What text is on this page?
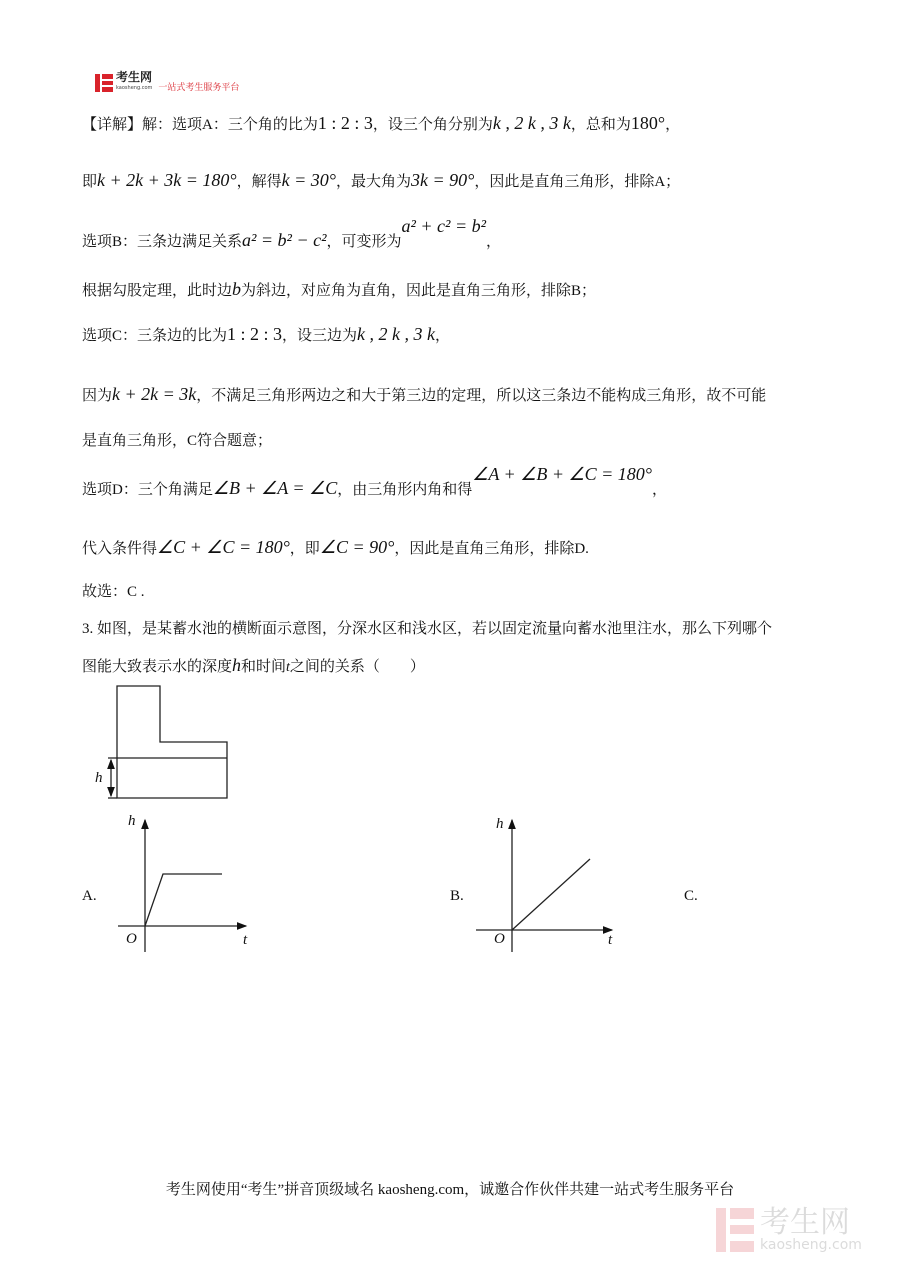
考生网
kaosheng.com 一站式考生服务平台
【详解】解：选项A：三个角的比为1 : 2 : 3，设三个角分别为k , 2 k , 3 k，总和为180°，
即k + 2k + 3k = 180°，解得k = 30°，最大角为3k = 90°，因此是直角三角形，排除A；
选项B：三条边满足关系a² = b² − c²，可变形为a² + c² = b²，
根据勾股定理，此时边b为斜边，对应角为直角，因此是直角三角形，排除B；
选项C：三条边的比为1 : 2 : 3，设三边为k , 2 k , 3 k，
因为k + 2k = 3k，不满足三角形两边之和大于第三边的定理，所以这三条边不能构成三角形，故不可能
是直角三角形，C符合题意；
选项D：三个角满足∠B + ∠A = ∠C，由三角形内角和得∠A + ∠B + ∠C = 180°，
代入条件得∠C + ∠C = 180°，即∠C = 90°，因此是直角三角形，排除D.
故选：C .
3. 如图，是某蓄水池的横断面示意图，分深水区和浅水区，若以固定流量向蓄水池里注水，那么下列哪个
图能大致表示水的深度h和时间t之间的关系（　　）
h
A.
h
O	t
B.
h
O	t
C.
考生网使用“考生”拼音顶级域名 kaosheng.com，诚邀合作伙伴共建一站式考生服务平台
考生网
kaosheng.com
